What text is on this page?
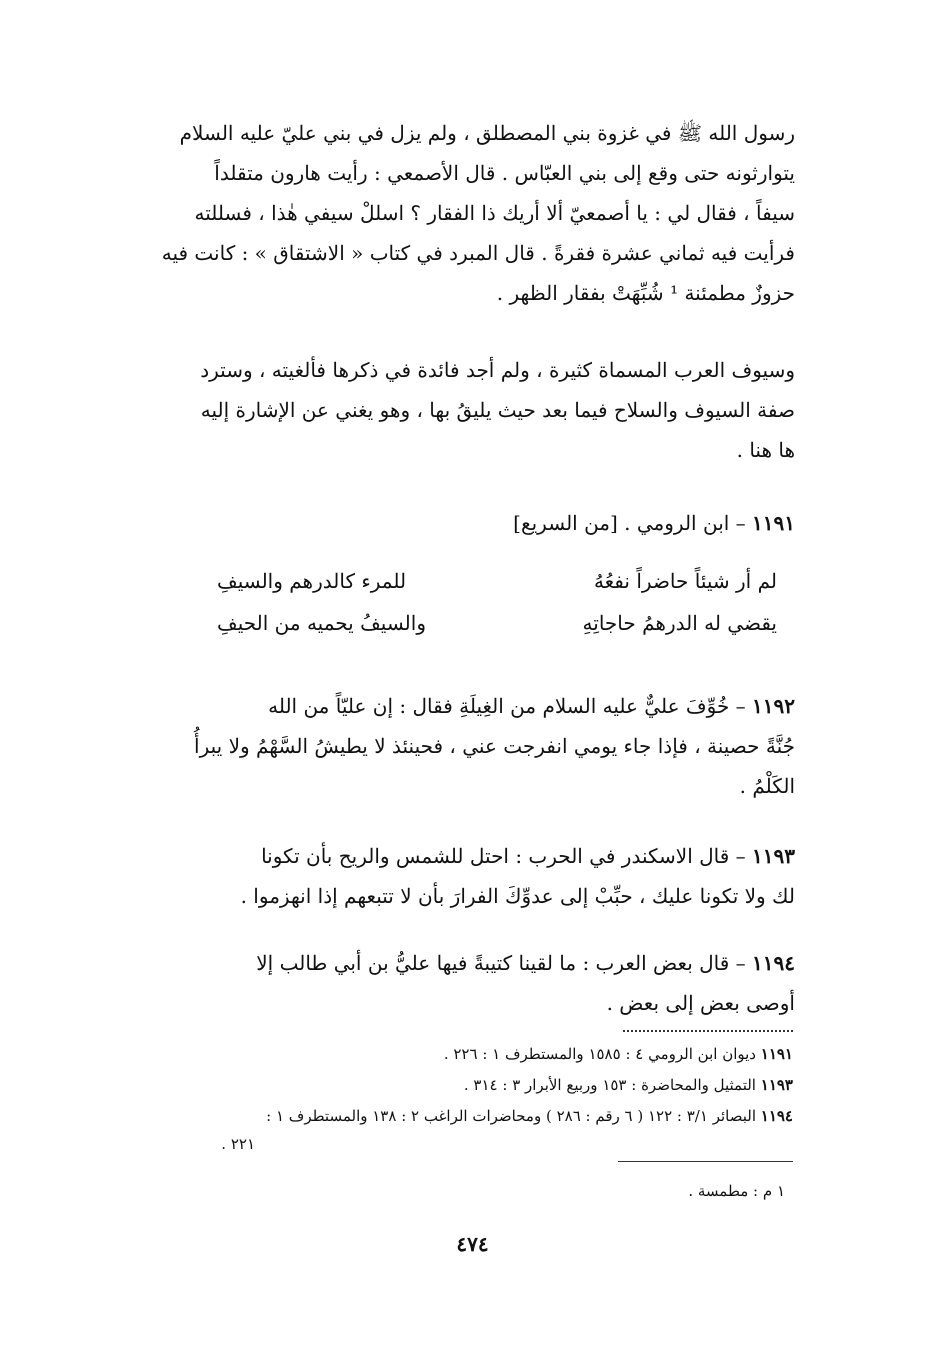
رسول الله ﷺ في غزوة بني المصطلق ، ولم يزل في بني عليّ عليه السلام
يتوارثونه حتى وقع إلى بني العبّاس . قال الأصمعي : رأيت هارون متقلداً
سيفاً ، فقال لي : يا أصمعيّ ألا أريك ذا الفقار ؟ اسللْ سيفي هٰذا ، فسللته
فرأيت فيه ثماني عشرة فقرةً . قال المبرد في كتاب « الاشتقاق » : كانت فيه
حزوزٌ مطمئنة ¹ شُبِّهَتْ بفقار الظهر .
وسيوف العرب المسماة كثيرة ، ولم أجد فائدة في ذكرها فألغيته ، وسترد
صفة السيوف والسلاح فيما بعد حيث يليقُ بها ، وهو يغني عن الإشارة إليه
ها هنا .
١١٩١ – ابن الرومي . [من السريع]
لم أر شيئاً حاضراً نفعُهُ
للمرء كالدرهم والسيفِ
يقضي له الدرهمُ حاجاتِهِ
والسيفُ يحميه من الحيفِ
١١٩٢ – خُوِّفَ عليٌّ عليه السلام من الغِيلَةِ فقال : إن عليّاً من الله
جُنَّةً حصينة ، فإذا جاء يومي انفرجت عني ، فحينئذ لا يطيشُ السَّهْمُ ولا يبرأُ
الكَلْمُ .
١١٩٣ – قال الاسكندر في الحرب : احتل للشمس والريح بأن تكونا
لك ولا تكونا عليك ، حبِّبْ إلى عدوِّكَ الفرارَ بأن لا تتبعهم إذا انهزموا .
١١٩٤ – قال بعض العرب : ما لقينا كتيبةً فيها عليُّ بن أبي طالب إلا
أوصى بعض إلى بعض .
١١٩١ ديوان ابن الرومي ٤ : ١٥٨٥ والمستطرف ١ : ٢٢٦ .
١١٩٣ التمثيل والمحاضرة : ١٥٣ وربيع الأبرار ٣ : ٣١٤ .
١١٩٤ البصائر ٣/١ : ١٢٢ ( ٦ رقم : ٢٨٦ ) ومحاضرات الراغب ٢ : ١٣٨ والمستطرف ١ :
٢٢١ .
١ م : مطمسة .
٤٧٤
